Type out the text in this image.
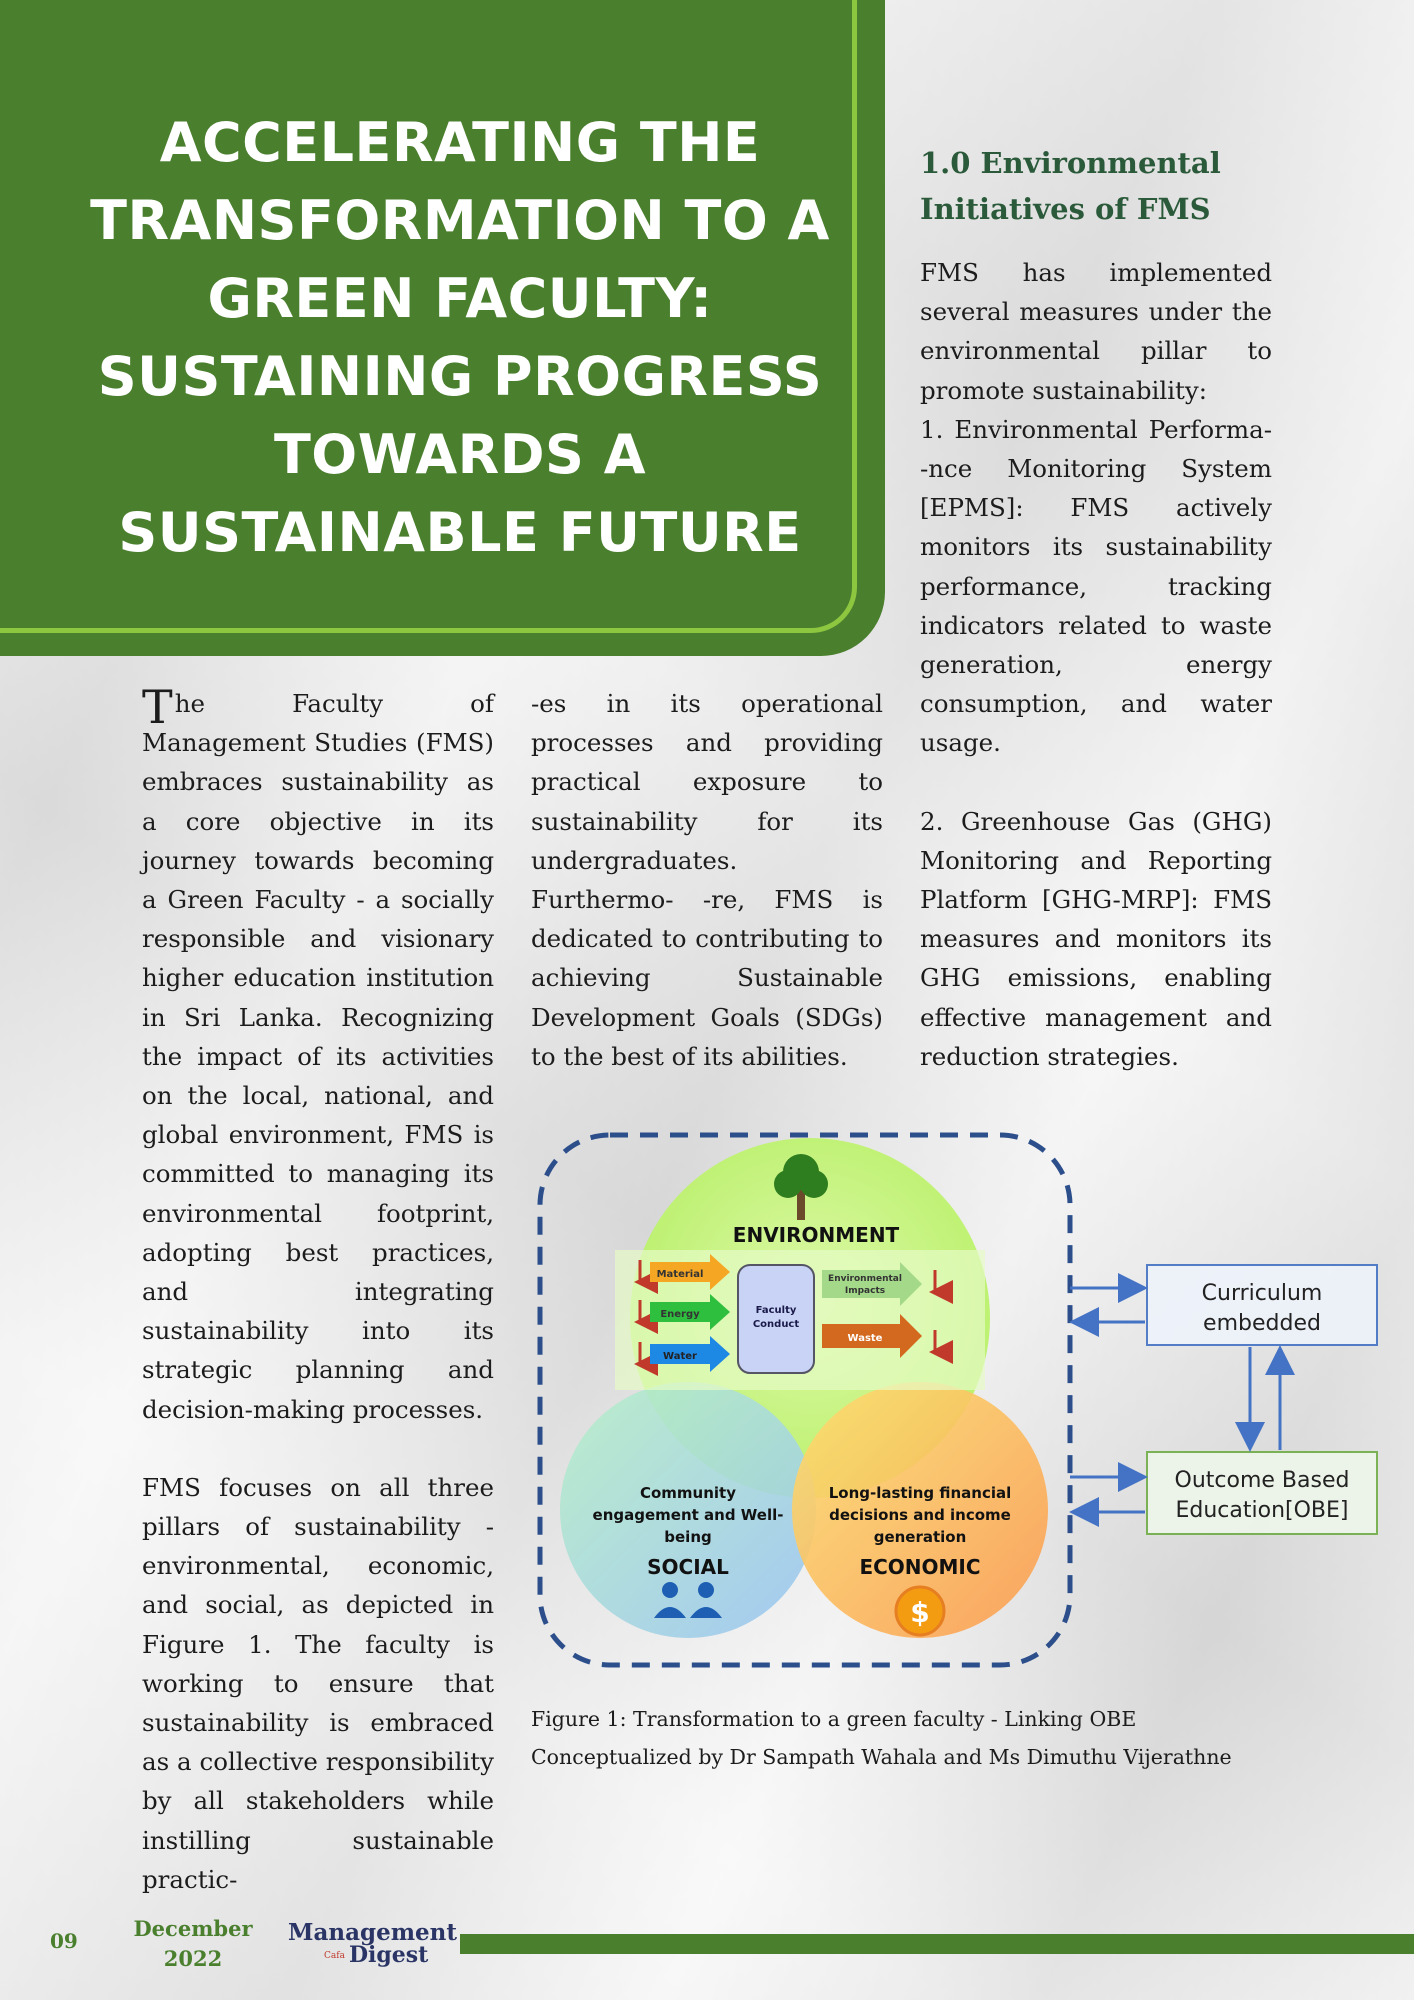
ACCELERATING THE TRANSFORMATION TO A GREEN FACULTY: SUSTAINING PROGRESS TOWARDS A SUSTAINABLE FUTURE

The Faculty of Management Studies (FMS) embraces sustainability as a core objective in its journey towards becoming a Green Faculty - a socially responsible and visionary higher education institution in Sri Lanka. Recognizing the impact of its activities on the local, national, and global environment, FMS is committed to managing its environmental footprint, adopting best practices, and integrating sustainability into its strategic planning and decision-making processes.

FMS focuses on all three pillars of sustainability - environmental, economic, and social, as depicted in Figure 1. The faculty is working to ensure that sustainability is embraced as a collective responsibility by all stakeholders while instilling sustainable practic-

-es in its operational processes and providing practical exposure to sustainability for its undergraduates. Furthermo- -re, FMS is dedicated to contributing to achieving Sustainable Development Goals (SDGs) to the best of its abilities.

1.0 Environmental
Initiatives of FMS

FMS has implemented several measures under the environmental pillar to promote sustainability:

1. Environmental Performa- -nce Monitoring System [EPMS]: FMS actively monitors its sustainability performance, tracking indicators related to waste generation, energy consumption, and water usage.

2. Greenhouse Gas (GHG) Monitoring and Reporting Platform [GHG-MRP]: FMS measures and monitors its GHG emissions, enabling effective management and reduction strategies.

ENVIRONMENT
Material
Energy
Water
Faculty
Conduct
Environmental
Impacts
Waste
Community
engagement and Well-
being
SOCIAL
Long-lasting financial
decisions and income
generation
ECONOMIC
$
Curriculum
embedded
Outcome Based
Education[OBE]

Figure 1: Transformation to a green faculty - Linking OBE
Conceptualized by Dr Sampath Wahala and Ms Dimuthu Vijerathne

09	December
2022
Management
Cafa Digest
